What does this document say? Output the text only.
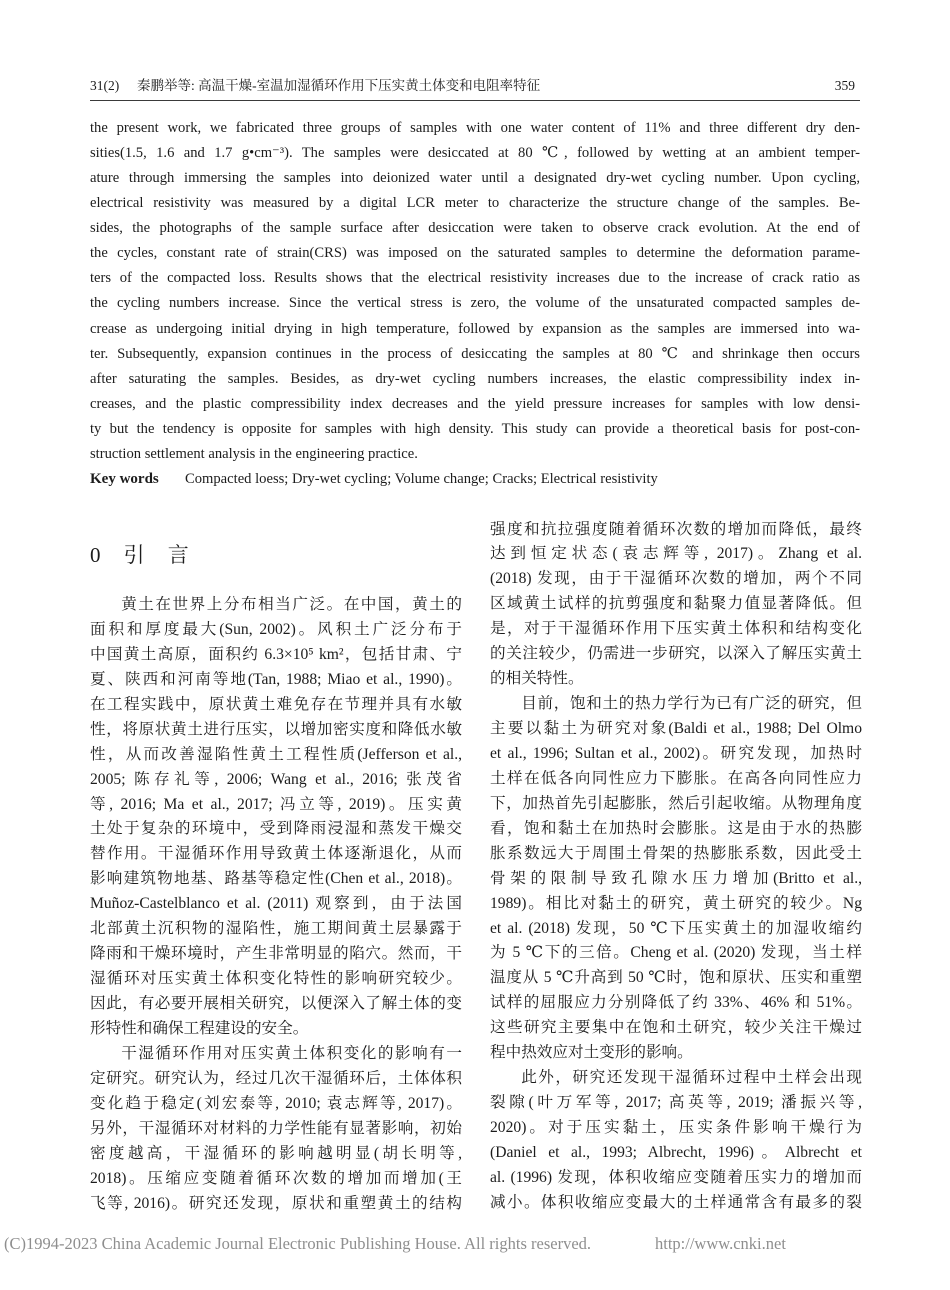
31(2) 秦鹏举等: 高温干燥-室温加湿循环作用下压实黄土体变和电阻率特征	359
the present work, we fabricated three groups of samples with one water content of 11% and three different dry den-
sities(1.5, 1.6 and 1.7 g•cm⁻³). The samples were desiccated at 80 ℃, followed by wetting at an ambient temper-
ature through immersing the samples into deionized water until a designated dry-wet cycling number. Upon cycling,
electrical resistivity was measured by a digital LCR meter to characterize the structure change of the samples. Be-
sides, the photographs of the sample surface after desiccation were taken to observe crack evolution. At the end of
the cycles, constant rate of strain(CRS) was imposed on the saturated samples to determine the deformation parame-
ters of the compacted loss. Results shows that the electrical resistivity increases due to the increase of crack ratio as
the cycling numbers increase. Since the vertical stress is zero, the volume of the unsaturated compacted samples de-
crease as undergoing initial drying in high temperature, followed by expansion as the samples are immersed into wa-
ter. Subsequently, expansion continues in the process of desiccating the samples at 80 ℃ and shrinkage then occurs
after saturating the samples. Besides, as dry-wet cycling numbers increases, the elastic compressibility index in-
creases, and the plastic compressibility index decreases and the yield pressure increases for samples with low densi-
ty but the tendency is opposite for samples with high density. This study can provide a theoretical basis for post-con-
struction settlement analysis in the engineering practice.
Key words Compacted loess; Dry-wet cycling; Volume change; Cracks; Electrical resistivity
0 引 言
黄土在世界上分布相当广泛。在中国，黄土的
面积和厚度最大(Sun, 2002)。风积土广泛分布于
中国黄土高原，面积约 6.3×10⁵ km²，包括甘肃、宁
夏、陕西和河南等地(Tan, 1988; Miao et al., 1990)。
在工程实践中，原状黄土难免存在节理并具有水敏
性，将原状黄土进行压实，以增加密实度和降低水敏
性，从而改善湿陷性黄土工程性质(Jefferson et al.,
2005; 陈存礼等, 2006; Wang et al., 2016; 张茂省
等, 2016; Ma et al., 2017; 冯立等, 2019)。压实黄
土处于复杂的环境中，受到降雨浸湿和蒸发干燥交
替作用。干湿循环作用导致黄土体逐渐退化，从而
影响建筑物地基、路基等稳定性(Chen et al., 2018)。
Muñoz-Castelblanco et al. (2011) 观察到，由于法国
北部黄土沉积物的湿陷性，施工期间黄土层暴露于
降雨和干燥环境时，产生非常明显的陷穴。然而，干
湿循环对压实黄土体积变化特性的影响研究较少。
因此，有必要开展相关研究，以便深入了解土体的变
形特性和确保工程建设的安全。
干湿循环作用对压实黄土体积变化的影响有一
定研究。研究认为，经过几次干湿循环后，土体体积
变化趋于稳定(刘宏泰等, 2010; 袁志辉等, 2017)。
另外，干湿循环对材料的力学性能有显著影响，初始
密度越高，干湿循环的影响越明显(胡长明等,
2018)。压缩应变随着循环次数的增加而增加(王
飞等, 2016)。研究还发现，原状和重塑黄土的结构
强度和抗拉强度随着循环次数的增加而降低，最终
达到恒定状态(袁志辉等, 2017)。Zhang et al.
(2018) 发现，由于干湿循环次数的增加，两个不同
区域黄土试样的抗剪强度和黏聚力值显著降低。但
是，对于干湿循环作用下压实黄土体积和结构变化
的关注较少，仍需进一步研究，以深入了解压实黄土
的相关特性。
目前，饱和土的热力学行为已有广泛的研究，但
主要以黏土为研究对象(Baldi et al., 1988; Del Olmo
et al., 1996; Sultan et al., 2002)。研究发现，加热时
土样在低各向同性应力下膨胀。在高各向同性应力
下，加热首先引起膨胀，然后引起收缩。从物理角度
看，饱和黏土在加热时会膨胀。这是由于水的热膨
胀系数远大于周围土骨架的热膨胀系数，因此受土
骨架的限制导致孔隙水压力增加(Britto et al.,
1989)。相比对黏土的研究，黄土研究的较少。Ng
et al. (2018) 发现，50 ℃下压实黄土的加湿收缩约
为 5 ℃下的三倍。Cheng et al. (2020) 发现，当土样
温度从 5 ℃升高到 50 ℃时，饱和原状、压实和重塑
试样的屈服应力分别降低了约 33%、46% 和 51%。
这些研究主要集中在饱和土研究，较少关注干燥过
程中热效应对土变形的影响。
此外，研究还发现干湿循环过程中土样会出现
裂隙(叶万军等, 2017; 高英等, 2019; 潘振兴等,
2020)。对于压实黏土，压实条件影响干燥行为
(Daniel et al., 1993; Albrecht, 1996)。Albrecht et
al. (1996) 发现，体积收缩应变随着压实力的增加而
减小。体积收缩应变最大的土样通常含有最多的裂
(C)1994-2023 China Academic Journal Electronic Publishing House. All rights reserved.	http://www.cnki.net
